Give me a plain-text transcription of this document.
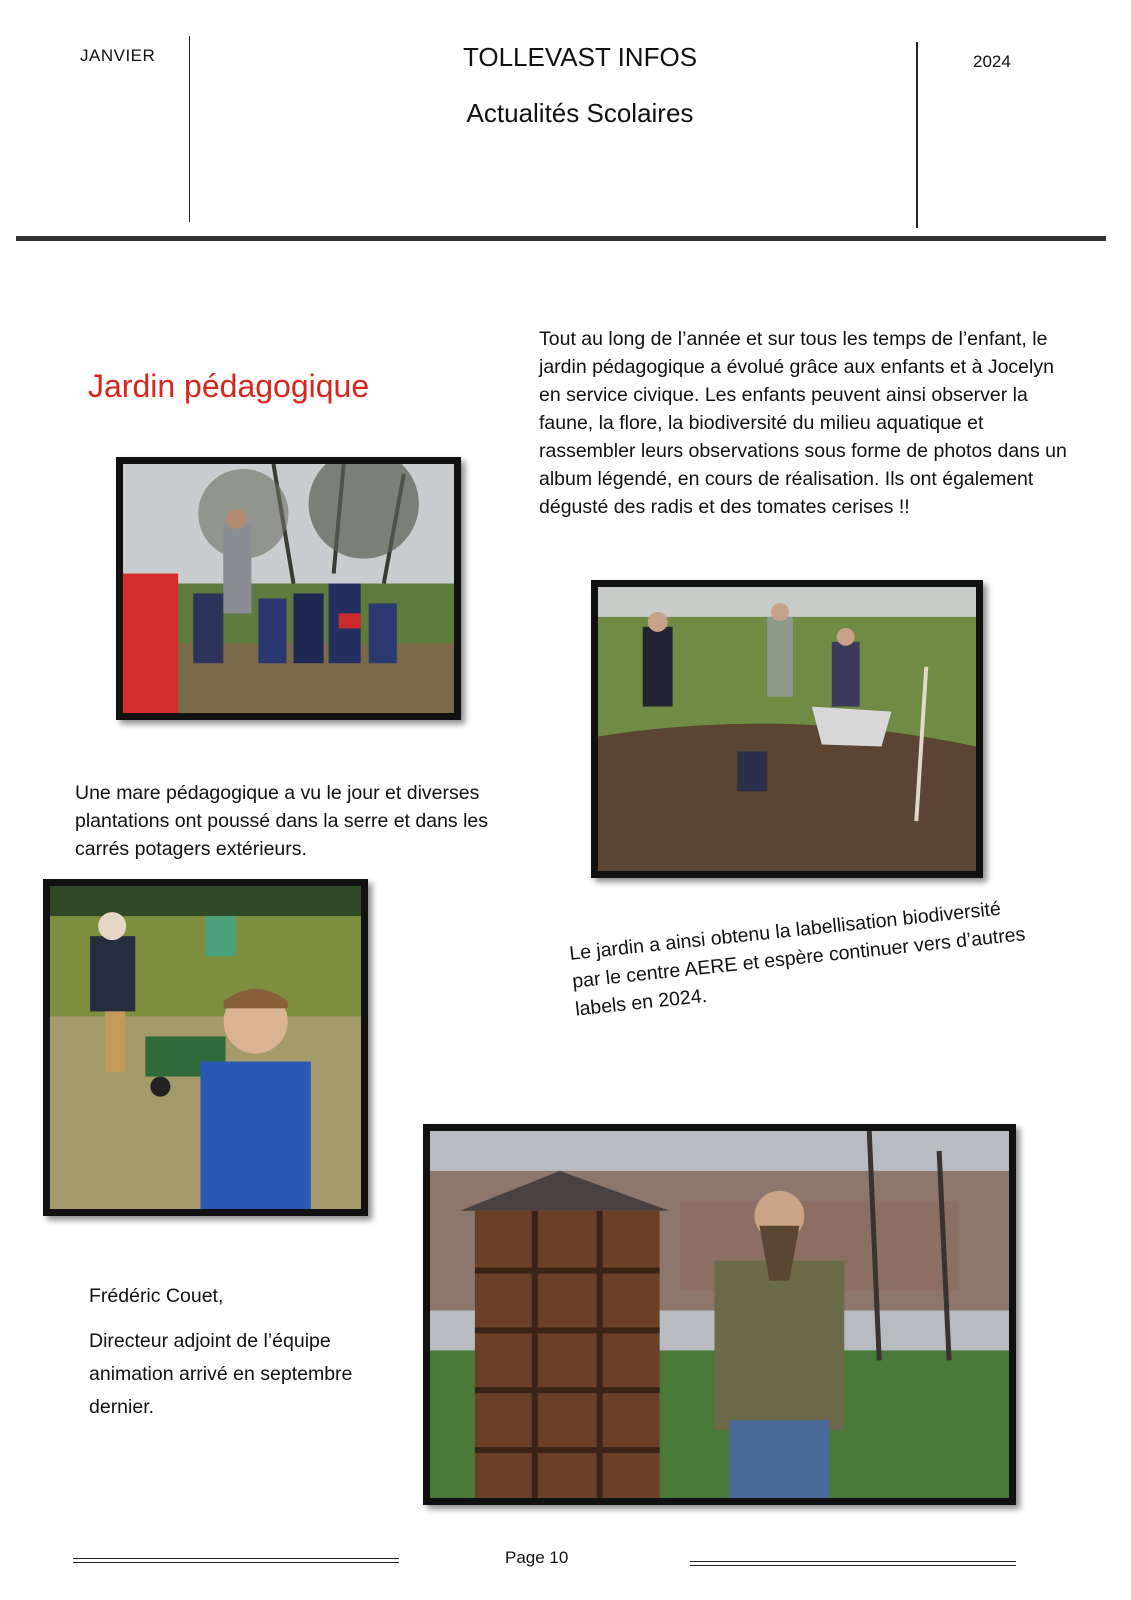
JANVIER	TOLLEVAST INFOS
Actualités Scolaires
2024
Jardin pédagogique
Tout au long de l’année et sur tous les temps de l’enfant, le jardin pédagogique a évolué grâce aux enfants et à Jocelyn en service civique. Les enfants peuvent ainsi observer la faune, la flore, la biodiversité du milieu aquatique et rassembler leurs observations sous forme de photos dans un album légendé, en cours de réalisation. Ils ont également dégusté des radis et des tomates cerises !!
Une mare pédagogique a vu le jour et diverses plantations ont poussé dans la serre et dans les carrés potagers extérieurs.
Le jardin a ainsi obtenu la labellisation biodiversité par le centre AERE et espère continuer vers d’autres labels en 2024.
Frédéric Couet,
Directeur adjoint de l’équipe animation arrivé en septembre dernier.
Page 10
